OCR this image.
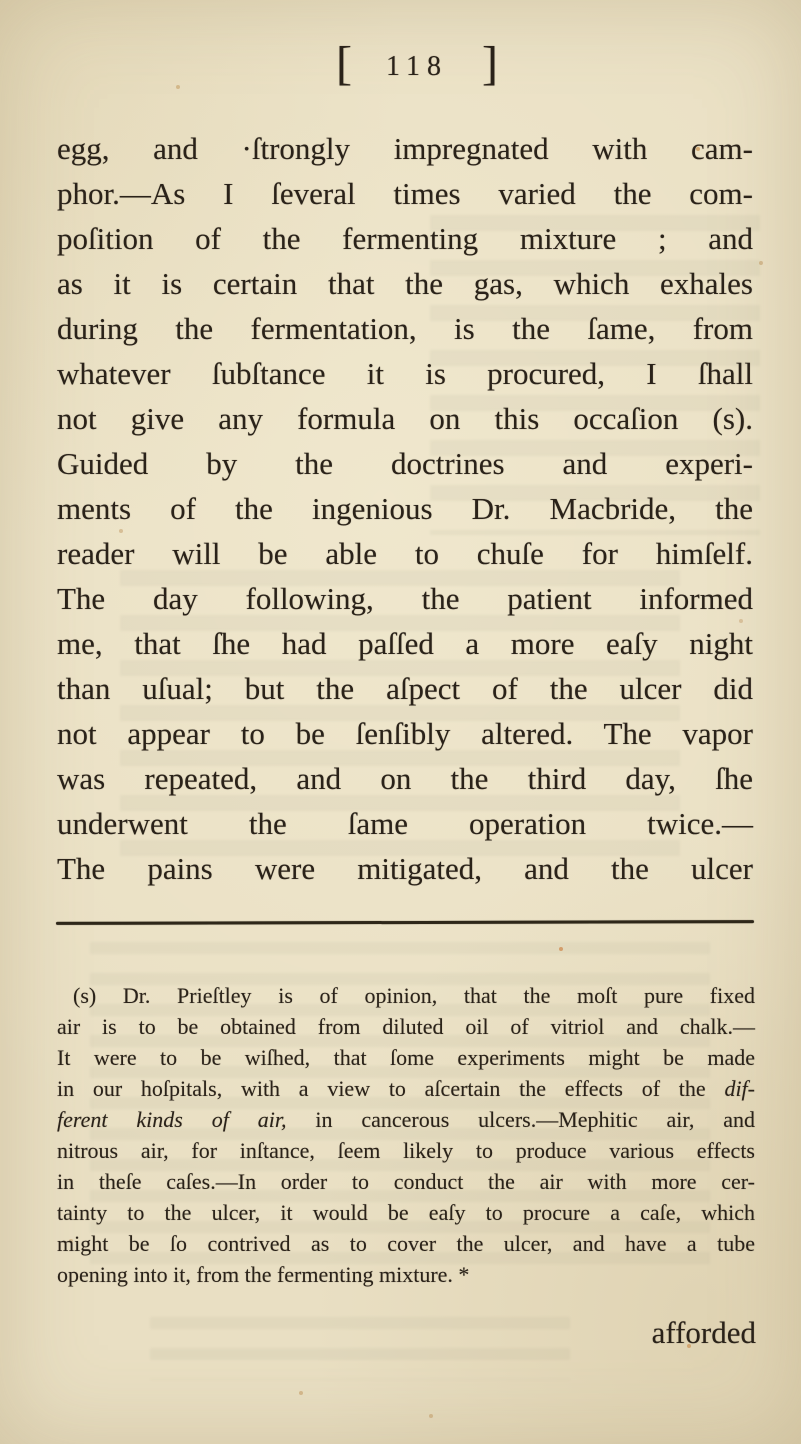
[ 118 ]
egg, and ·ſtrongly impregnated with cam-
phor.—As I ſeveral times varied the com-
poſition of the fermenting mixture ; and
as it is certain that the gas, which exhales
during the fermentation, is the ſame, from
whatever ſubſtance it is procured, I ſhall
not give any formula on this occaſion (s).
Guided by the doctrines and experi-
ments of the ingenious Dr. Macbride, the
reader will be able to chuſe for himſelf.
The day following, the patient informed
me, that ſhe had paſſed a more eaſy night
than uſual; but the aſpect of the ulcer did
not appear to be ſenſibly altered. The vapor
was repeated, and on the third day, ſhe
underwent the ſame operation twice.—
The pains were mitigated, and the ulcer
(s) Dr. Prieſtley is of opinion, that the moſt pure fixed
air is to be obtained from diluted oil of vitriol and chalk.—
It were to be wiſhed, that ſome experiments might be made
in our hoſpitals, with a view to aſcertain the effects of the dif-
ferent kinds of air, in cancerous ulcers.—Mephitic air, and
nitrous air, for inſtance, ſeem likely to produce various effects
in theſe caſes.—In order to conduct the air with more cer-
tainty to the ulcer, it would be eaſy to procure a caſe, which
might be ſo contrived as to cover the ulcer, and have a tube
opening into it, from the fermenting mixture. *
afforded
